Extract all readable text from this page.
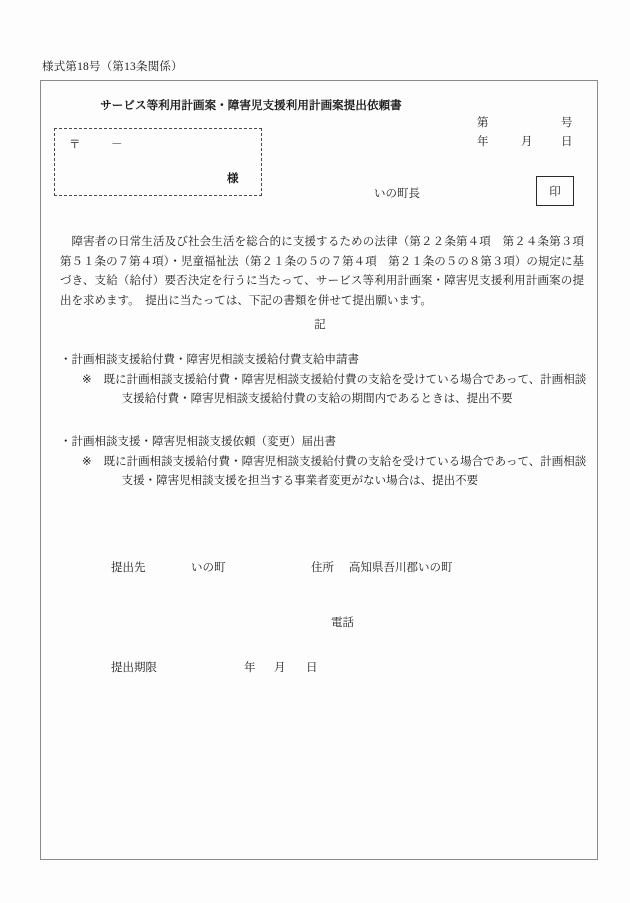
様式第18号（第13条関係）
サービス等利用計画案・障害児支援利用計画案提出依頼書
第	号
年	月 日
〒	－
様
いの町長	印
障害者の日常生活及び社会生活を総合的に支援するための法律（第２２条第４項　第２４条第３項　第５１条の７第４項）・児童福祉法（第２１条の５の７第４項　第２１条の５の８第３項）の規定に基づき、支給（給付）要否決定を行うに当たって、サービス等利用計画案・障害児支援利用計画案の提出を求めます。　提出に当たっては、下記の書類を併せて提出願います。
記
・計画相談支援給付費・障害児相談支援給付費支給申請書
※ 既に計画相談支援給付費・障害児相談支援給付費の支給を受けている場合であって、計画相談
支援給付費・障害児相談支援給付費の支給の期間内であるときは、提出不要
・計画相談支援・障害児相談支援依頼（変更）届出書
※ 既に計画相談支援給付費・障害児相談支援給付費の支給を受けている場合であって、計画相談
支援・障害児相談支援を担当する事業者変更がない場合は、提出不要
提出先	いの町	住所 高知県吾川郡いの町
電話
提出期限	年 月 日
